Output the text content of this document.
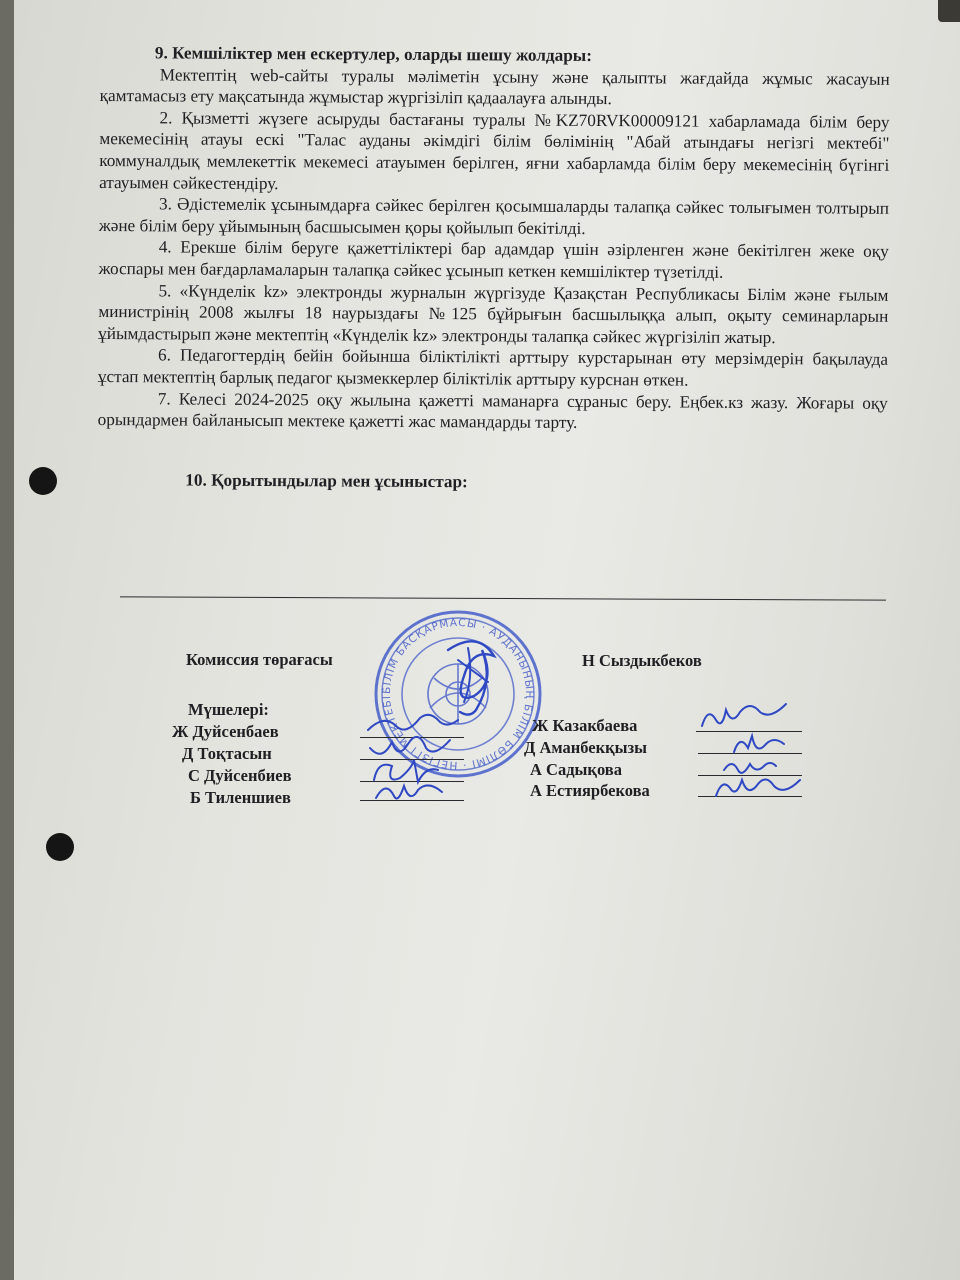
9. Кемшіліктер мен ескертулер, оларды шешу жолдары:

Мектептің web-сайты туралы мәліметін ұсыну және қалыпты жағдайда жұмыс жасауын қамтамасыз ету мақсатында жұмыстар жүргізіліп қадаалауға алынды.

2. Қызметті жүзеге асыруды бастағаны туралы №KZ70RVK00009121 хабарламада білім беру мекемесінің атауы ескі "Талас ауданы әкімдігі білім бөлімінің "Абай атындағы негізгі мектебі" коммуналдық мемлекеттік мекемесі атауымен берілген, яғни хабарламда білім беру мекемесінің бүгінгі атауымен сәйкестендіру.

3. Әдістемелік ұсынымдарға сәйкес берілген қосымшаларды талапқа сәйкес толығымен толтырып және білім беру ұйымының басшысымен қоры қойылып бекітілді.

4. Ерекше білім беруге қажеттіліктері бар адамдар үшін әзірленген және бекітілген жеке оқу жоспары мен бағдарламаларын талапқа сәйкес ұсынып кеткен кемшіліктер түзетілді.

5. «Күнделік kz» электронды журналын жүргізуде Қазақстан Республикасы Білім және ғылым министрінің 2008 жылғы 18 наурыздағы №125 бұйрығын басшылыққа алып, оқыту семинарларын ұйымдастырып және мектептің «Күнделік kz» электронды талапқа сәйкес жүргізіліп жатыр.

6. Педагогтердің бейін бойынша біліктілікті арттыру курстарынан өту мерзімдерін бақылауда ұстап мектептің барлық педагог қызмеккерлер біліктілік арттыру курснан өткен.

7. Келесі 2024-2025 оқу жылына қажетті маманарға сұраныс беру. Еңбек.кз жазу. Жоғары оқу орындармен байланысып мектеке қажетті жас мамандарды тарту.

10. Қорытындылар мен ұсыныстар:

БІЛІМ БАСҚАРМАСЫ · АУДАНЫНЫҢ БІЛІМ БӨЛІМІ · НЕГІЗГІ МЕКТЕБІ
Комиссия төрағасы	Н Сыздыкбеков
Мүшелері:
Ж Дуйсенбаев
Д Тоқтасын
С Дуйсенбиев
Б Тиленшиев
Ж Казакбаева
Д Аманбекқызы
А Садықова
А Естиярбекова
